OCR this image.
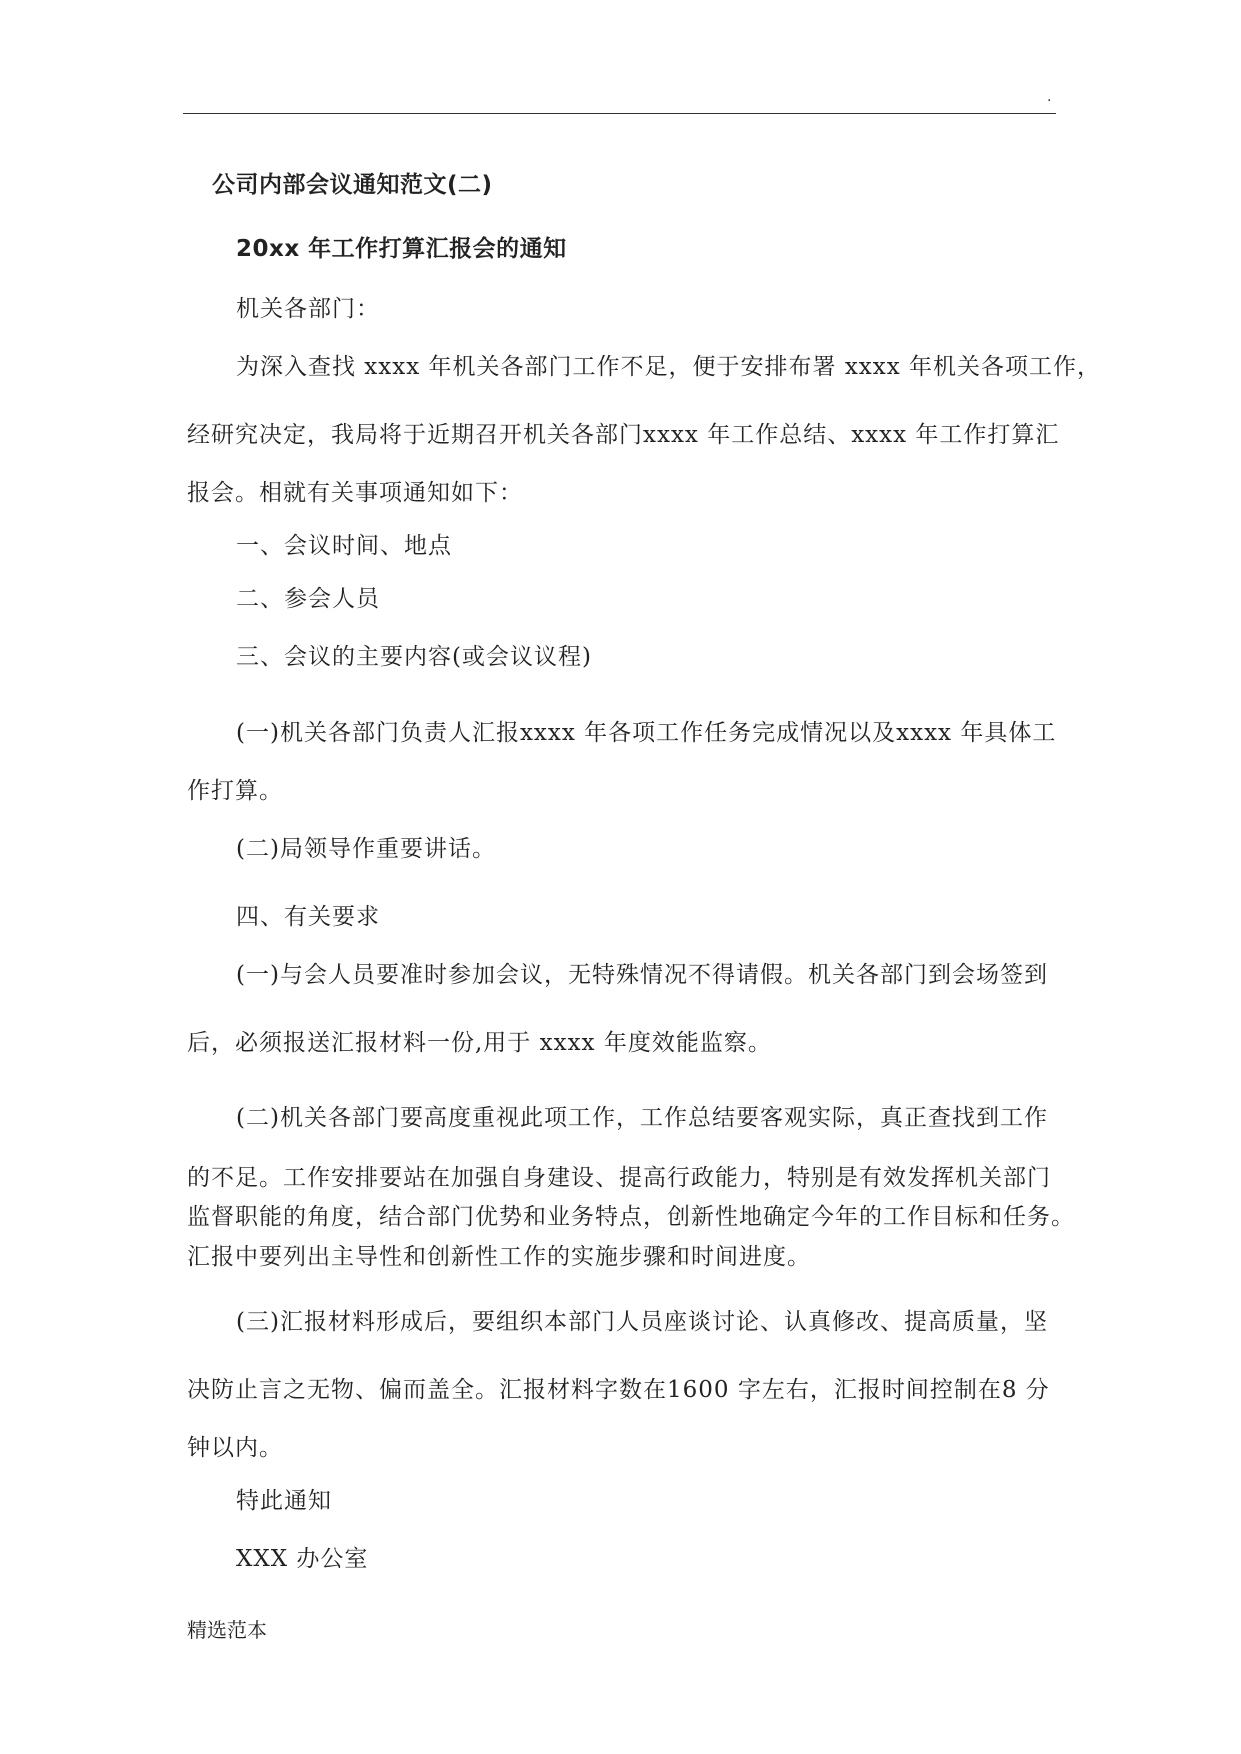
.
公司内部会议通知范文(二)
20xx 年工作打算汇报会的通知
机关各部门：
为深入查找 xxxx 年机关各部门工作不足，便于安排布署 xxxx 年机关各项工作，
经研究决定，我局将于近期召开机关各部门xxxx 年工作总结、xxxx 年工作打算汇
报会。相就有关事项通知如下：
一、会议时间、地点
二、参会人员
三、会议的主要内容(或会议议程)
(一)机关各部门负责人汇报xxxx 年各项工作任务完成情况以及xxxx 年具体工
作打算。
(二)局领导作重要讲话。
四、有关要求
(一)与会人员要准时参加会议，无特殊情况不得请假。机关各部门到会场签到
后，必须报送汇报材料一份,用于 xxxx 年度效能监察。
(二)机关各部门要高度重视此项工作，工作总结要客观实际，真正查找到工作
的不足。工作安排要站在加强自身建设、提高行政能力，特别是有效发挥机关部门
监督职能的角度，结合部门优势和业务特点，创新性地确定今年的工作目标和任务。
汇报中要列出主导性和创新性工作的实施步骤和时间进度。
(三)汇报材料形成后，要组织本部门人员座谈讨论、认真修改、提高质量，坚
决防止言之无物、偏而盖全。汇报材料字数在1600 字左右，汇报时间控制在8 分
钟以内。
特此通知
XXX 办公室
精选范本
